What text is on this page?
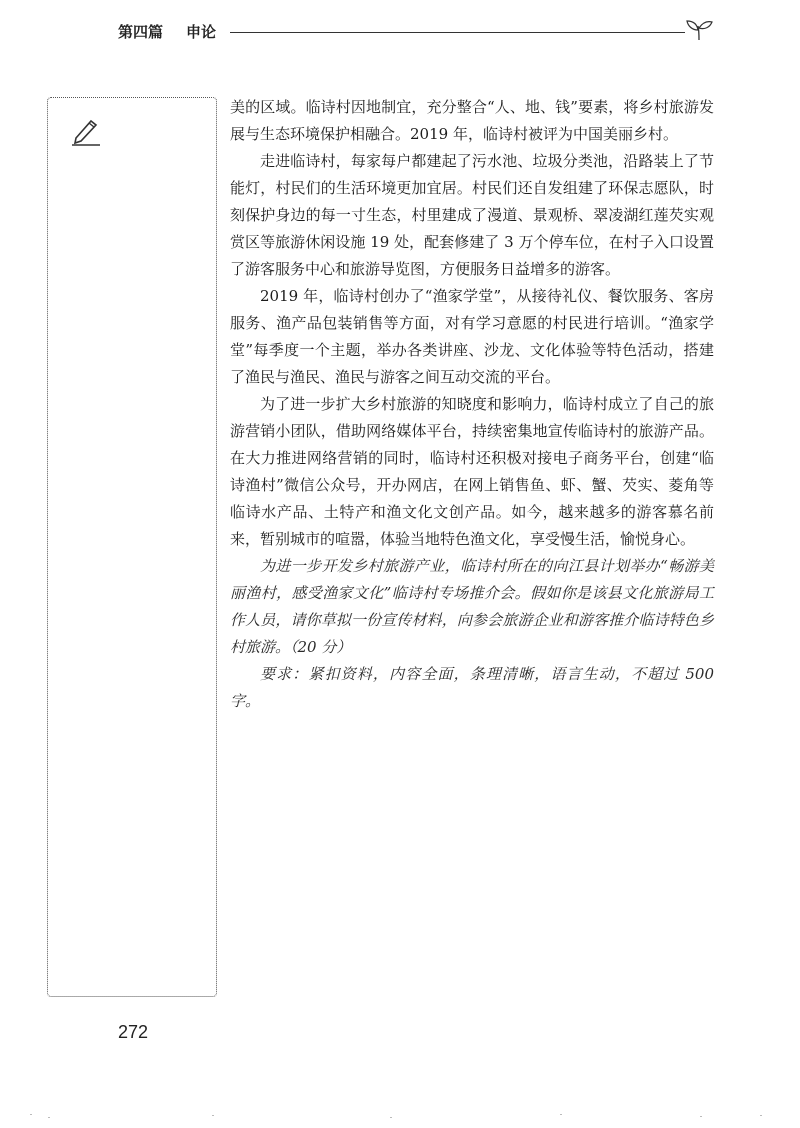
第四篇 申论

美的区域。临诗村因地制宜，充分整合“人、地、钱”要素，将乡村旅游发展与生态环境保护相融合。2019 年，临诗村被评为中国美丽乡村。

走进临诗村，每家每户都建起了污水池、垃圾分类池，沿路装上了节能灯，村民们的生活环境更加宜居。村民们还自发组建了环保志愿队，时刻保护身边的每一寸生态，村里建成了漫道、景观桥、翠凌湖红莲芡实观赏区等旅游休闲设施 19 处，配套修建了 3 万个停车位，在村子入口设置了游客服务中心和旅游导览图，方便服务日益增多的游客。

2019 年，临诗村创办了“渔家学堂”，从接待礼仪、餐饮服务、客房服务、渔产品包装销售等方面，对有学习意愿的村民进行培训。“渔家学堂”每季度一个主题，举办各类讲座、沙龙、文化体验等特色活动，搭建了渔民与渔民、渔民与游客之间互动交流的平台。

为了进一步扩大乡村旅游的知晓度和影响力，临诗村成立了自己的旅游营销小团队，借助网络媒体平台，持续密集地宣传临诗村的旅游产品。在大力推进网络营销的同时，临诗村还积极对接电子商务平台，创建“临诗渔村”微信公众号，开办网店，在网上销售鱼、虾、蟹、芡实、菱角等临诗水产品、土特产和渔文化文创产品。如今，越来越多的游客慕名前来，暂别城市的喧嚣，体验当地特色渔文化，享受慢生活，愉悦身心。

为进一步开发乡村旅游产业，临诗村所在的向江县计划举办“畅游美丽渔村，感受渔家文化”临诗村专场推介会。假如你是该县文化旅游局工作人员，请你草拟一份宣传材料，向参会旅游企业和游客推介临诗特色乡村旅游。（20 分）

要求：紧扣资料，内容全面，条理清晰，语言生动，不超过 500 字。

272
